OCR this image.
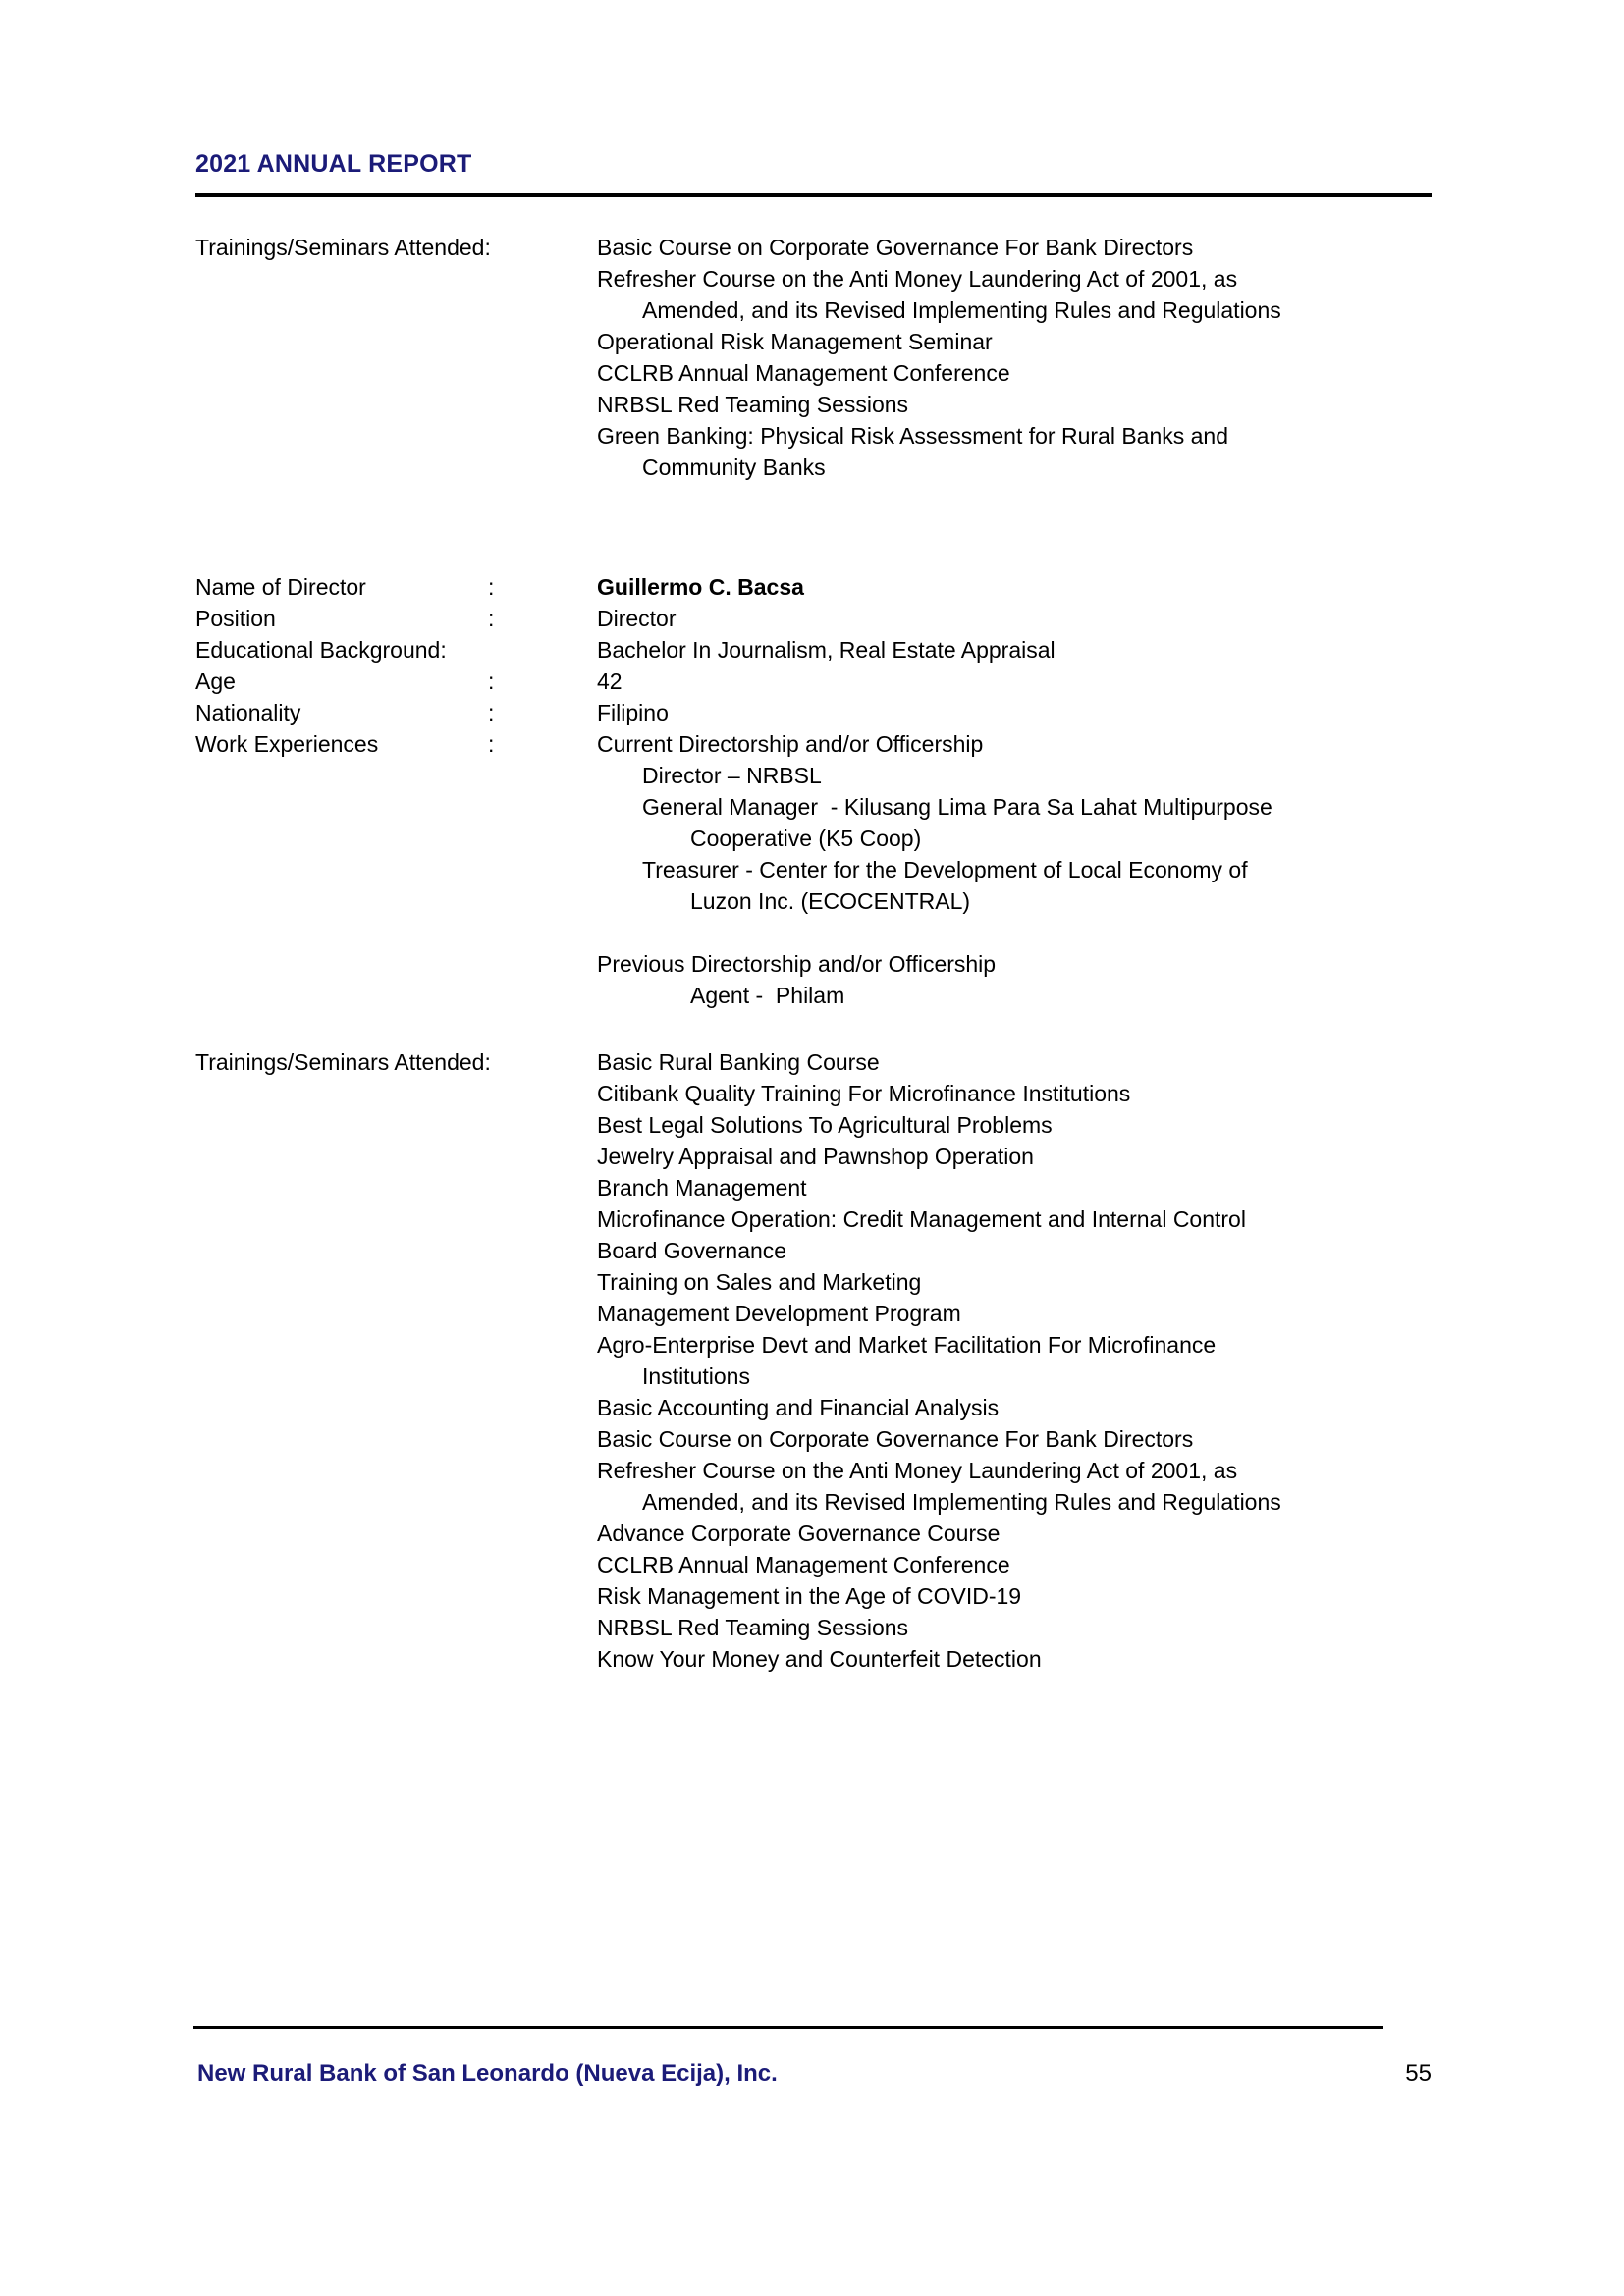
2021 ANNUAL REPORT
Trainings/Seminars Attended:	Basic Course on Corporate Governance For Bank Directors
Refresher Course on the Anti Money Laundering Act of 2001, as
Amended, and its Revised Implementing Rules and Regulations
Operational Risk Management Seminar
CCLRB Annual Management Conference
NRBSL Red Teaming Sessions
Green Banking: Physical Risk Assessment for Rural Banks and
Community Banks
Name of Director	:	Guillermo C. Bacsa
Position	:	Director
Educational Background:	Bachelor In Journalism, Real Estate Appraisal
Age	:	42
Nationality	:	Filipino
Work Experiences	:	Current Directorship and/or Officership
Director – NRBSL
General Manager  - Kilusang Lima Para Sa Lahat Multipurpose
Cooperative (K5 Coop)
Treasurer - Center for the Development of Local Economy of
Luzon Inc. (ECOCENTRAL)
Previous Directorship and/or Officership
Agent -  Philam
Trainings/Seminars Attended:	Basic Rural Banking Course
Citibank Quality Training For Microfinance Institutions
Best Legal Solutions To Agricultural Problems
Jewelry Appraisal and Pawnshop Operation
Branch Management
Microfinance Operation: Credit Management and Internal Control
Board Governance
Training on Sales and Marketing
Management Development Program
Agro-Enterprise Devt and Market Facilitation For Microfinance
Institutions
Basic Accounting and Financial Analysis
Basic Course on Corporate Governance For Bank Directors
Refresher Course on the Anti Money Laundering Act of 2001, as
Amended, and its Revised Implementing Rules and Regulations
Advance Corporate Governance Course
CCLRB Annual Management Conference
Risk Management in the Age of COVID-19
NRBSL Red Teaming Sessions
Know Your Money and Counterfeit Detection
New Rural Bank of San Leonardo (Nueva Ecija), Inc.	55
